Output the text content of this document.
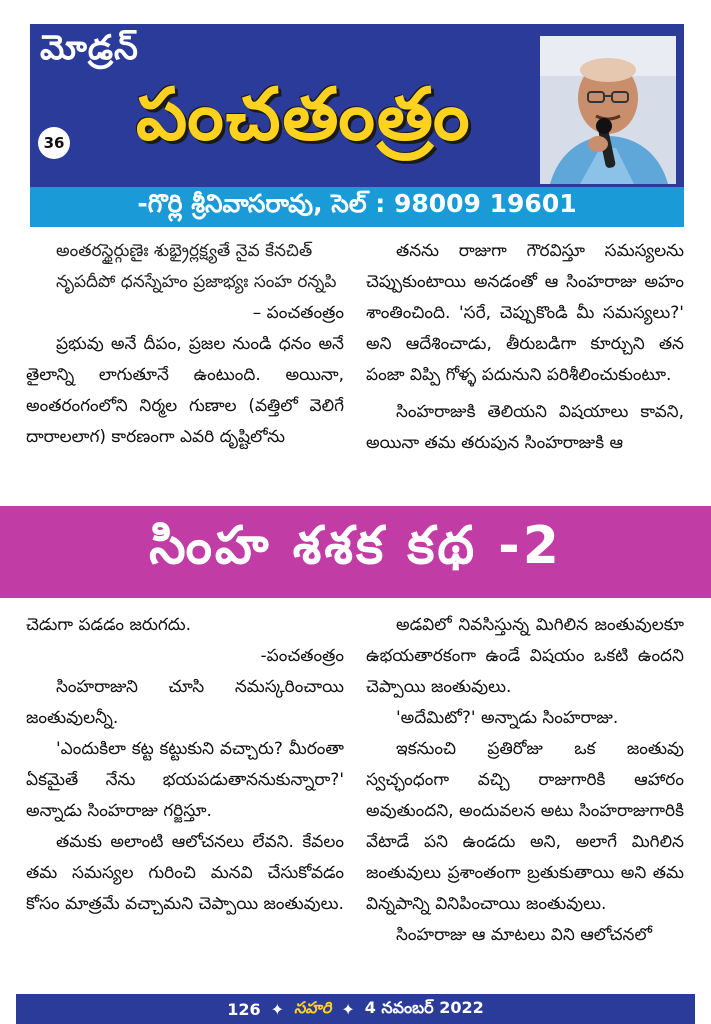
మోడ్రన్
పంచతంత్రం
36
-గొర్లి శ్రీనివాసరావు, సెల్ : 98009 19601

అంతరస్థైర్గుణైః శుభ్రైర్లక్ష్యతే నైవ కేనచిత్

నృపదీపో ధనస్నేహం ప్రజాభ్యః సంహ రన్నపి

– పంచతంత్రం

ప్రభువు అనే దీపం, ప్రజల నుండి ధనం అనే తైలాన్ని లాగుతూనే ఉంటుంది. అయినా, అంతరంగంలోని నిర్మల గుణాల (వత్తిలో వెలిగే దారాలలాగ) కారణంగా ఎవరి దృష్టిలోను

తనను రాజుగా గౌరవిస్తూ సమస్యలను చెప్పుకుంటాయి అనడంతో ఆ సింహరాజు అహం శాంతించింది. 'సరే, చెప్పుకొండి మీ సమస్యలు?' అని ఆదేశించాడు, తీరుబడిగా కూర్చుని తన పంజా విప్పి గోళ్ళ పదునుని పరిశీలించుకుంటూ.

సింహరాజుకి తెలియని విషయాలు కావని, అయినా తమ తరుపున సింహరాజుకి ఆ

సింహ శశక కథ -2

చెడుగా పడడం జరుగదు.

-పంచతంత్రం

సింహరాజుని చూసి నమస్కరించాయి జంతువులన్నీ.

'ఎందుకిలా కట్ట కట్టుకుని వచ్చారు? మీరంతా ఏకమైతే నేను భయపడుతాననుకున్నారా?' అన్నాడు సింహరాజు గర్జిస్తూ.

తమకు అలాంటి ఆలోచనలు లేవని. కేవలం తమ సమస్యల గురించి మనవి చేసుకోవడం కోసం మాత్రమే వచ్చామని చెప్పాయి జంతువులు.

అడవిలో నివసిస్తున్న మిగిలిన జంతువులకూ ఉభయతారకంగా ఉండే విషయం ఒకటి ఉందని చెప్పాయి జంతువులు.

'అదేమిటో?' అన్నాడు సింహరాజు.

ఇకనుంచి ప్రతిరోజు ఒక జంతువు స్వచ్ఛంధంగా వచ్చి రాజుగారికి ఆహారం అవుతుందని, అందువలన అటు సింహరాజుగారికి వేటాడే పని ఉండదు అని, అలాగే మిగిలిన జంతువులు ప్రశాంతంగా బ్రతుకుతాయి అని తమ విన్నపాన్ని వినిపించాయి జంతువులు.

సింహరాజు ఆ మాటలు విని ఆలోచనలో

126 ✦ సహరి ✦ 4 నవంబర్ 2022
